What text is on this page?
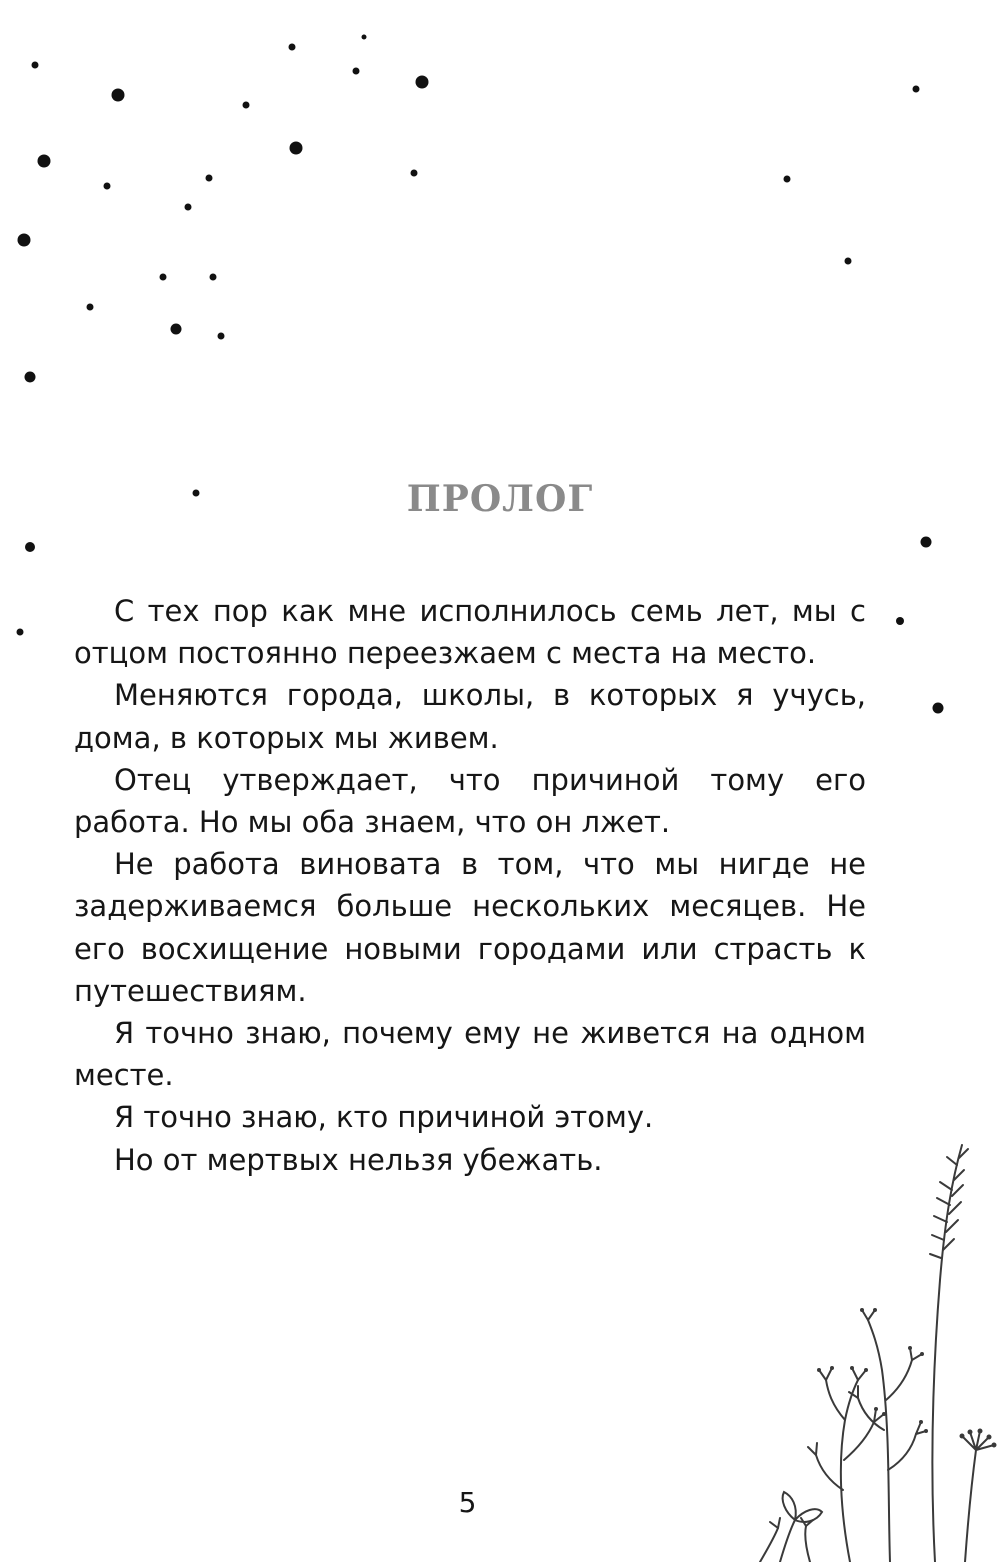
ПРОЛОГ

С тех пор как мне исполнилось семь лет, мы с отцом постоянно переезжаем с места на место.

Меняются города, школы, в которых я учусь, дома, в которых мы живем.

Отец утверждает, что причиной тому его работа. Но мы оба знаем, что он лжет.

Не работа виновата в том, что мы нигде не задерживаемся больше нескольких месяцев. Не его восхищение новыми городами или страсть к путешествиям.

Я точно знаю, почему ему не живется на одном месте.

Я точно знаю, кто причиной этому.

Но от мертвых нельзя убежать.

5
